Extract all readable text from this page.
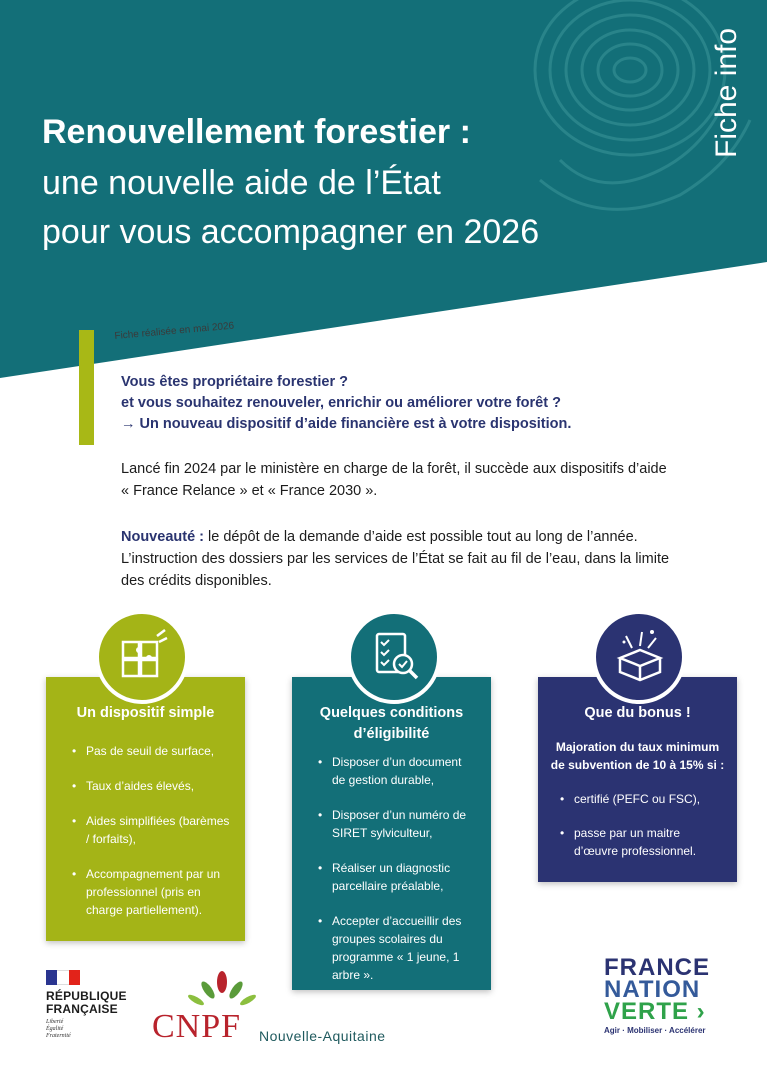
Fiche info
Renouvellement forestier :
une nouvelle aide de l’État
pour vous accompagner en 2026
Fiche réalisée en mai 2026
Vous êtes propriétaire forestier ?
et vous souhaitez renouveler, enrichir ou améliorer votre forêt ?
→ Un nouveau dispositif d’aide financière est à votre disposition.
Lancé fin 2024 par le ministère en charge de la forêt, il succède aux dispositifs d’aide
« France Relance » et « France 2030 ».
Nouveauté : le dépôt de la demande d’aide est possible tout au long de l’année.
L’instruction des dossiers par les services de l’État se fait au fil de l’eau, dans la limite
des crédits disponibles.
Un dispositif simple
• Pas de seuil de surface,
• Taux d’aides élevés,
• Aides simplifiées (barèmes / forfaits),
• Accompagnement par un professionnel (pris en charge partiellement).
Quelques conditions
d’éligibilité
• Disposer d’un document de gestion durable,
• Disposer d’un numéro de SIRET sylviculteur,
• Réaliser un diagnostic parcellaire préalable,
• Accepter d’accueillir des groupes scolaires du programme « 1 jeune, 1 arbre ».
Que du bonus !
Majoration du taux minimum
de subvention de 10 à 15% si :
• certifié (PEFC ou FSC),
• passe par un maitre d’œuvre professionnel.
RÉPUBLIQUE
FRANÇAISE
Liberté
Égalité
Fraternité	CNPF Nouvelle-Aquitaine
FRANCE
NATION
VERTE ›
Agir · Mobiliser · Accélérer
